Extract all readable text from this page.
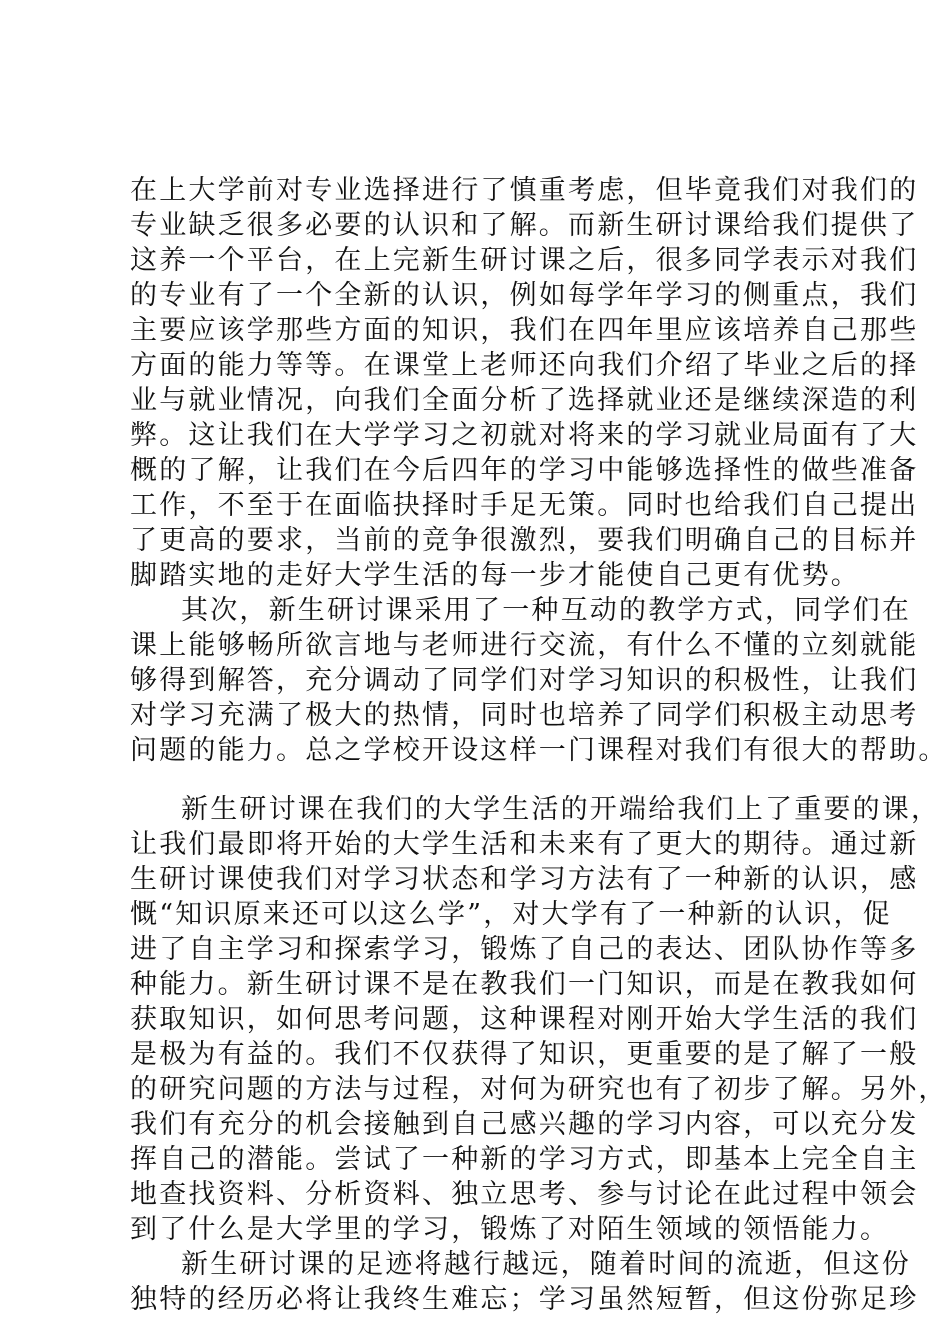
在上大学前对专业选择进行了慎重考虑，但毕竟我们对我们的
专业缺乏很多必要的认识和了解。而新生研讨课给我们提供了
这养一个平台，在上完新生研讨课之后，很多同学表示对我们
的专业有了一个全新的认识，例如每学年学习的侧重点，我们
主要应该学那些方面的知识，我们在四年里应该培养自己那些
方面的能力等等。在课堂上老师还向我们介绍了毕业之后的择
业与就业情况，向我们全面分析了选择就业还是继续深造的利
弊。这让我们在大学学习之初就对将来的学习就业局面有了大
概的了解，让我们在今后四年的学习中能够选择性的做些准备
工作，不至于在面临抉择时手足无策。同时也给我们自己提出
了更高的要求，当前的竞争很激烈，要我们明确自己的目标并
脚踏实地的走好大学生活的每一步才能使自己更有优势。
其次，新生研讨课采用了一种互动的教学方式，同学们在
课上能够畅所欲言地与老师进行交流，有什么不懂的立刻就能
够得到解答，充分调动了同学们对学习知识的积极性，让我们
对学习充满了极大的热情，同时也培养了同学们积极主动思考
问题的能力。总之学校开设这样一门课程对我们有很大的帮助。
新生研讨课在我们的大学生活的开端给我们上了重要的课，
让我们最即将开始的大学生活和未来有了更大的期待。通过新
生研讨课使我们对学习状态和学习方法有了一种新的认识，感
慨“知识原来还可以这么学”，对大学有了一种新的认识，促
进了自主学习和探索学习，锻炼了自己的表达、团队协作等多
种能力。新生研讨课不是在教我们一门知识，而是在教我如何
获取知识，如何思考问题，这种课程对刚开始大学生活的我们
是极为有益的。我们不仅获得了知识，更重要的是了解了一般
的研究问题的方法与过程，对何为研究也有了初步了解。另外，
我们有充分的机会接触到自己感兴趣的学习内容，可以充分发
挥自己的潜能。尝试了一种新的学习方式，即基本上完全自主
地查找资料、分析资料、独立思考、参与讨论在此过程中领会
到了什么是大学里的学习，锻炼了对陌生领域的领悟能力。
新生研讨课的足迹将越行越远，随着时间的流逝，但这份
独特的经历必将让我终生难忘；学习虽然短暂，但这份弥足珍
